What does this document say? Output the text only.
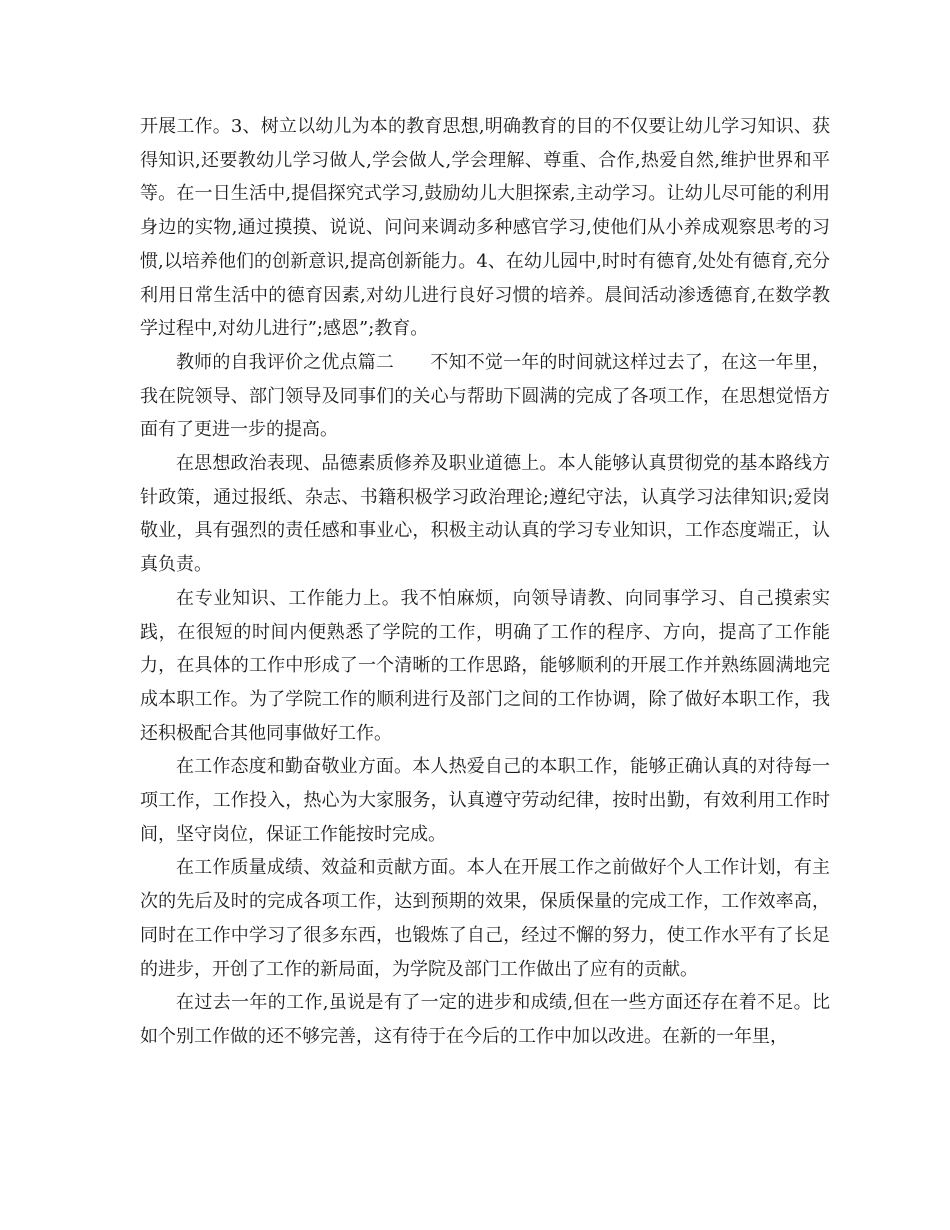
开展工作。3、树立以幼儿为本的教育思想,明确教育的目的不仅要让幼儿学习知识、获得知识,还要教幼儿学习做人,学会做人,学会理解、尊重、合作,热爱自然,维护世界和平等。在一日生活中,提倡探究式学习,鼓励幼儿大胆探索,主动学习。让幼儿尽可能的利用身边的实物,通过摸摸、说说、问问来调动多种感官学习,使他们从小养成观察思考的习惯,以培养他们的创新意识,提高创新能力。4、在幼儿园中,时时有德育,处处有德育,充分利用日常生活中的德育因素,对幼儿进行良好习惯的培养。晨间活动渗透德育,在数学教学过程中,对幼儿进行”;感恩”;教育。

教师的自我评价之优点篇二　　不知不觉一年的时间就这样过去了，在这一年里，我在院领导、部门领导及同事们的关心与帮助下圆满的完成了各项工作，在思想觉悟方面有了更进一步的提高。

在思想政治表现、品德素质修养及职业道德上。本人能够认真贯彻党的基本路线方针政策，通过报纸、杂志、书籍积极学习政治理论;遵纪守法，认真学习法律知识;爱岗敬业，具有强烈的责任感和事业心，积极主动认真的学习专业知识，工作态度端正，认真负责。

在专业知识、工作能力上。我不怕麻烦，向领导请教、向同事学习、自己摸索实践，在很短的时间内便熟悉了学院的工作，明确了工作的程序、方向，提高了工作能力，在具体的工作中形成了一个清晰的工作思路，能够顺利的开展工作并熟练圆满地完成本职工作。为了学院工作的顺利进行及部门之间的工作协调，除了做好本职工作，我还积极配合其他同事做好工作。

在工作态度和勤奋敬业方面。本人热爱自己的本职工作，能够正确认真的对待每一项工作，工作投入，热心为大家服务，认真遵守劳动纪律，按时出勤，有效利用工作时间，坚守岗位，保证工作能按时完成。

在工作质量成绩、效益和贡献方面。本人在开展工作之前做好个人工作计划，有主次的先后及时的完成各项工作，达到预期的效果，保质保量的完成工作，工作效率高，同时在工作中学习了很多东西，也锻炼了自己，经过不懈的努力，使工作水平有了长足的进步，开创了工作的新局面，为学院及部门工作做出了应有的贡献。

在过去一年的工作,虽说是有了一定的进步和成绩,但在一些方面还存在着不足。比如个别工作做的还不够完善，这有待于在今后的工作中加以改进。在新的一年里，
